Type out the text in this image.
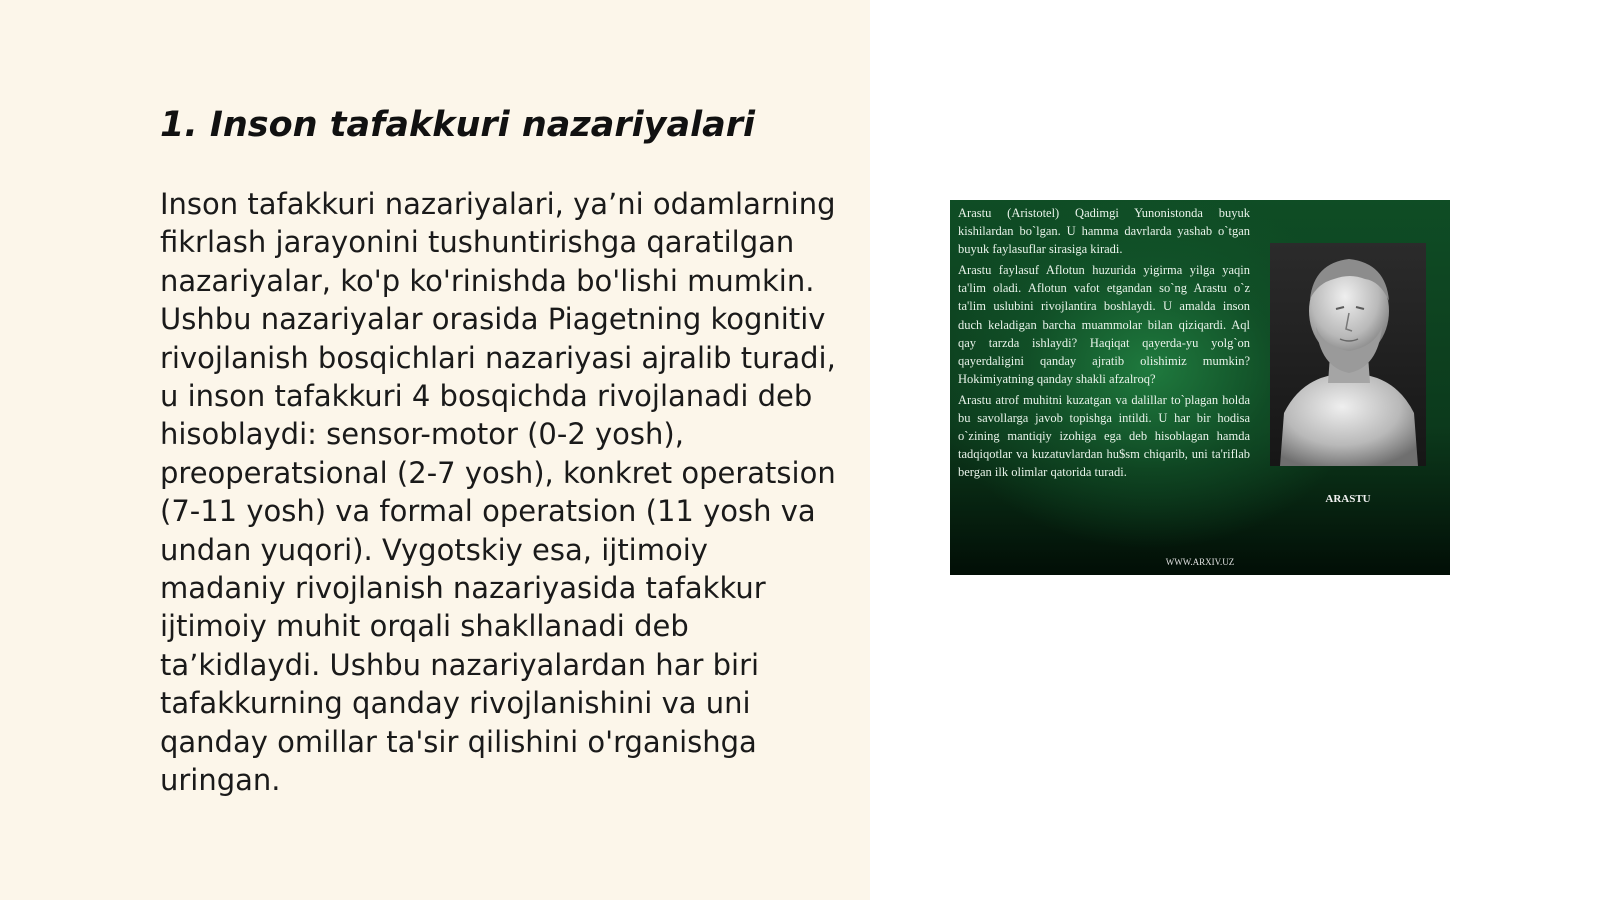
1. Inson tafakkuri nazariyalari

Inson tafakkuri nazariyalari, ya’ni odamlarning fikrlash jarayonini tushuntirishga qaratilgan nazariyalar, ko'p ko'rinishda bo'lishi mumkin. Ushbu nazariyalar orasida Piagetning kognitiv rivojlanish bosqichlari nazariyasi ajralib turadi, u inson tafakkuri 4 bosqichda rivojlanadi deb hisoblaydi: sensor-motor (0-2 yosh), preoperatsional (2-7 yosh), konkret operatsion (7-11 yosh) va formal operatsion (11 yosh va undan yuqori). Vygotskiy esa, ijtimoiy madaniy rivojlanish nazariyasida tafakkur ijtimoiy muhit orqali shakllanadi deb ta’kidlaydi. Ushbu nazariyalardan har biri tafakkurning qanday rivojlanishini va uni qanday omillar ta'sir qilishini o'rganishga uringan.

Arastu (Aristotel) Qadimgi Yunonistonda buyuk kishilardan bo`lgan. U hamma davrlarda yashab o`tgan buyuk faylasuflar sirasiga kiradi.

Arastu faylasuf Aflotun huzurida yigirma yilga yaqin ta'lim oladi. Aflotun vafot etgandan so`ng Arastu o`z ta'lim uslubini rivojlantira boshlaydi. U amalda inson duch keladigan barcha muammolar bilan qiziqardi. Aql qay tarzda ishlaydi? Haqiqat qayerda-yu yolg`on qayerdaligini qanday ajratib olishimiz mumkin? Hokimiyatning qanday shakli afzalroq?

Arastu atrof muhitni kuzatgan va dalillar to`plagan holda bu savollarga javob topishga intildi. U har bir hodisa o`zining mantiqiy izohiga ega deb hisoblagan hamda tadqiqotlar va kuzatuvlardan hu$sm chiqarib, uni ta'riflab bergan ilk olimlar qatorida turadi.

ARASTU
WWW.ARXIV.UZ
